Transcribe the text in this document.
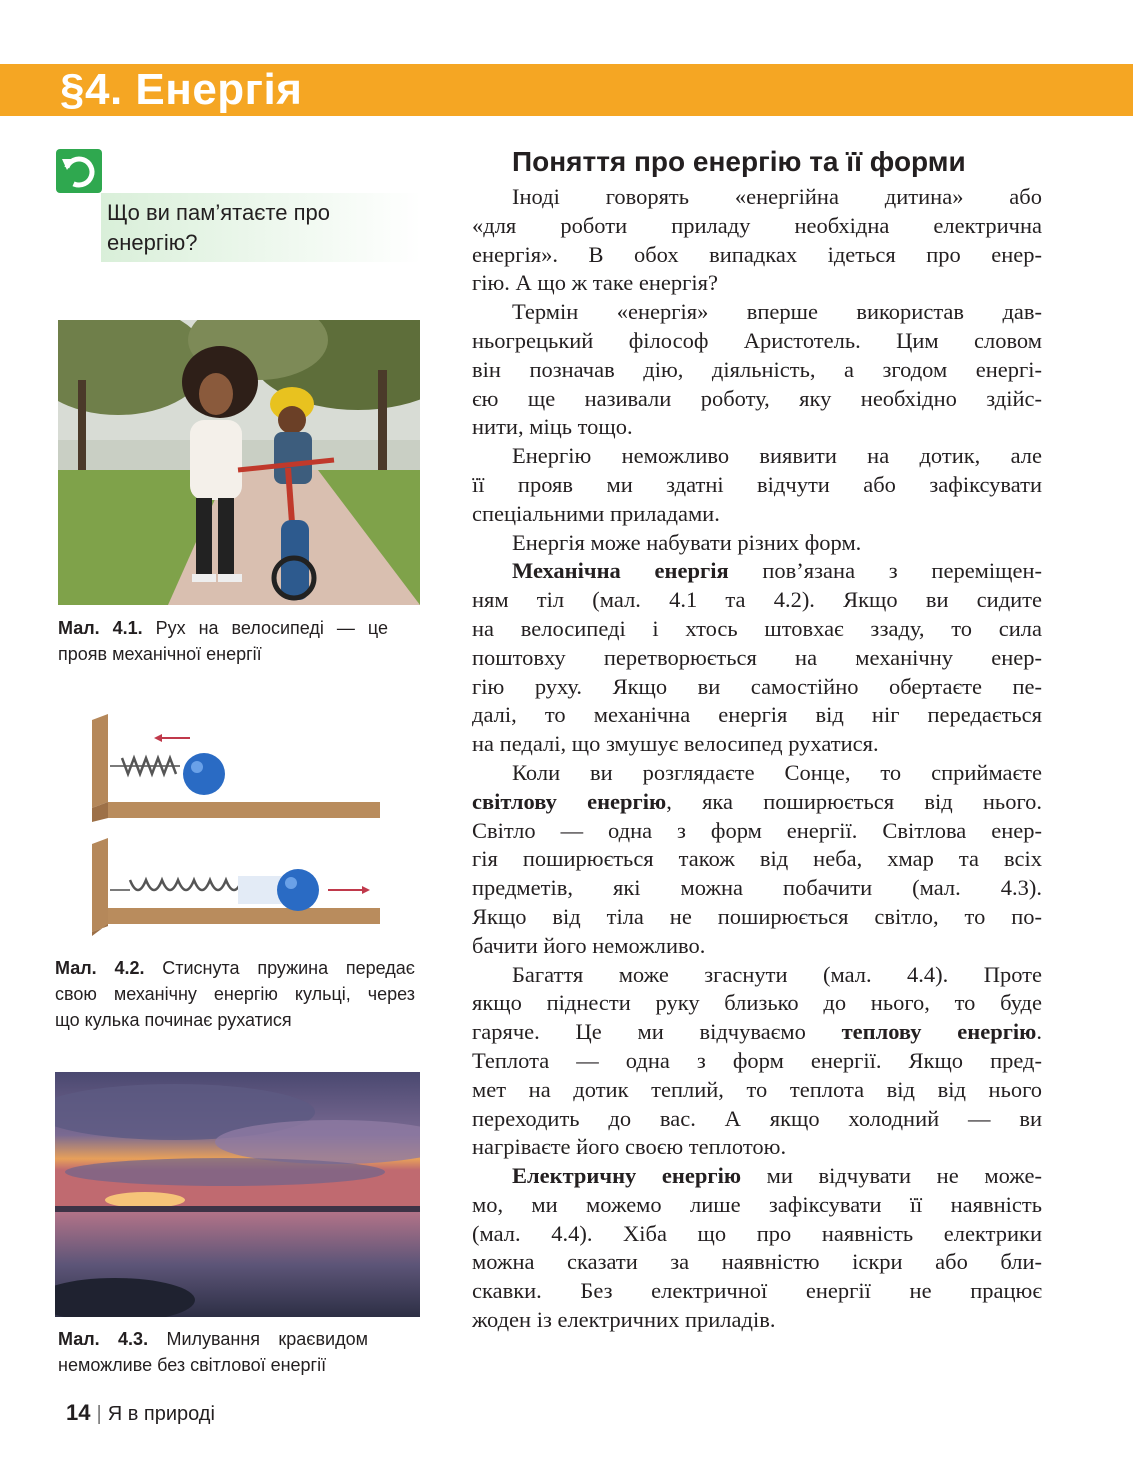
§4. Енергія
Що ви пам’ятаєте про енергію?
Мал. 4.1. Рух на велосипеді — це
прояв механічної енергії
Мал. 4.2. Стиснута пружина передає
свою механічну енергію кульці, через
що кулька починає рухатися
Мал. 4.3. Милування краєвидом
неможливе без світлової енергії
Поняття про енергію та її форми
Іноді говорять «енергійна дитина» або
«для роботи приладу необхідна електрична
енергія». В обох випадках ідеться про енер-
гію. А що ж таке енергія?
Термін «енергія» вперше використав дав-
ньогрецький філософ Аристотель. Цим словом
він позначав дію, діяльність, а згодом енергі-
єю ще називали роботу, яку необхідно здійс-
нити, міць тощо.
Енергію неможливо виявити на дотик, але
її прояв ми здатні відчути або зафіксувати
спеціальними приладами.
Енергія може набувати різних форм.
Механічна енергія пов’язана з переміщен-
ням тіл (мал. 4.1 та 4.2). Якщо ви сидите
на велосипеді і хтось штовхає ззаду, то сила
поштовху перетворюється на механічну енер-
гію руху. Якщо ви самостійно обертаєте пе-
далі, то механічна енергія від ніг передається
на педалі, що змушує велосипед рухатися.
Коли ви розглядаєте Сонце, то сприймаєте
світлову енергію, яка поширюється від нього.
Світло — одна з форм енергії. Світлова енер-
гія поширюється також від неба, хмар та всіх
предметів, які можна побачити (мал. 4.3).
Якщо від тіла не поширюється світло, то по-
бачити його неможливо.
Багаття може згаснути (мал. 4.4). Проте
якщо піднести руку близько до нього, то буде
гаряче. Це ми відчуваємо теплову енергію.
Теплота — одна з форм енергії. Якщо пред-
мет на дотик теплий, то теплота від від нього
переходить до вас. А якщо холодний — ви
нагріваєте його своєю теплотою.
Електричну енергію ми відчувати не може-
мо, ми можемо лише зафіксувати її наявність
(мал. 4.4). Хіба що про наявність електрики
можна сказати за наявністю іскри або бли-
скавки. Без електричної енергії не працює
жоден із електричних приладів.
14 | Я в природі
